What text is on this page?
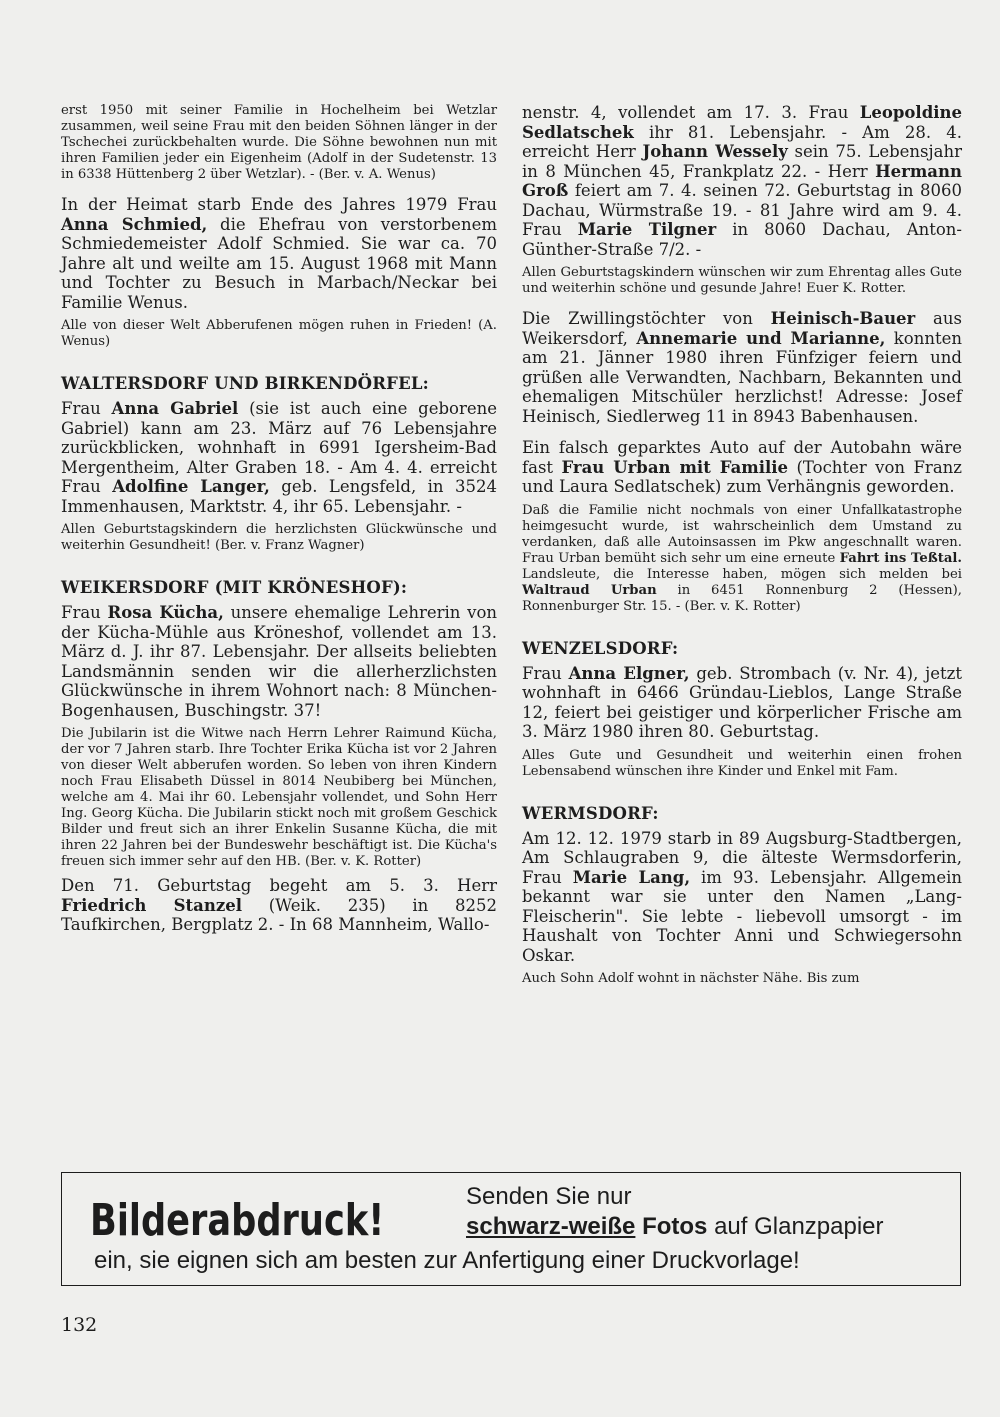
erst 1950 mit seiner Familie in Hochelheim bei Wetzlar zusammen, weil seine Frau mit den beiden Söhnen länger in der Tschechei zurückbehalten wurde. Die Söhne bewohnen nun mit ihren Familien jeder ein Eigenheim (Adolf in der Sudetenstr. 13 in 6338 Hüttenberg 2 über Wetzlar). - (Ber. v. A. Wenus)

In der Heimat starb Ende des Jahres 1979 Frau Anna Schmied, die Ehefrau von verstorbenem Schmiedemeister Adolf Schmied. Sie war ca. 70 Jahre alt und weilte am 15. August 1968 mit Mann und Tochter zu Besuch in Marbach/Neckar bei Familie Wenus.

Alle von dieser Welt Abberufenen mögen ruhen in Frieden! (A. Wenus)

WALTERSDORF UND BIRKENDÖRFEL:

Frau Anna Gabriel (sie ist auch eine geborene Gabriel) kann am 23. März auf 76 Lebensjahre zurückblicken, wohnhaft in 6991 Igersheim-Bad Mergentheim, Alter Graben 18. - Am 4. 4. erreicht Frau Adolfine Langer, geb. Lengsfeld, in 3524 Immenhausen, Marktstr. 4, ihr 65. Lebensjahr. -

Allen Geburtstagskindern die herzlichsten Glückwünsche und weiterhin Gesundheit! (Ber. v. Franz Wagner)

WEIKERSDORF (MIT KRÖNESHOF):

Frau Rosa Kücha, unsere ehemalige Lehrerin von der Kücha-Mühle aus Kröneshof, vollendet am 13. März d. J. ihr 87. Lebensjahr. Der allseits beliebten Landsmännin senden wir die allerherzlichsten Glückwünsche in ihrem Wohnort nach: 8 München-Bogenhausen, Buschingstr. 37!

Die Jubilarin ist die Witwe nach Herrn Lehrer Raimund Kücha, der vor 7 Jahren starb. Ihre Tochter Erika Kücha ist vor 2 Jahren von dieser Welt abberufen worden. So leben von ihren Kindern noch Frau Elisabeth Düssel in 8014 Neubiberg bei München, welche am 4. Mai ihr 60. Lebensjahr vollendet, und Sohn Herr Ing. Georg Kücha. Die Jubilarin stickt noch mit großem Geschick Bilder und freut sich an ihrer Enkelin Susanne Kücha, die mit ihren 22 Jahren bei der Bundeswehr beschäftigt ist. Die Kücha's freuen sich immer sehr auf den HB. (Ber. v. K. Rotter)

Den 71. Geburtstag begeht am 5. 3. Herr Friedrich Stanzel (Weik. 235) in 8252 Taufkirchen, Bergplatz 2. - In 68 Mannheim, Wallo-

nenstr. 4, vollendet am 17. 3. Frau Leopoldine Sedlatschek ihr 81. Lebensjahr. - Am 28. 4. erreicht Herr Johann Wessely sein 75. Lebensjahr in 8 München 45, Frankplatz 22. - Herr Hermann Groß feiert am 7. 4. seinen 72. Geburtstag in 8060 Dachau, Würmstraße 19. - 81 Jahre wird am 9. 4. Frau Marie Tilgner in 8060 Dachau, Anton-Günther-Straße 7/2. -

Allen Geburtstagskindern wünschen wir zum Ehrentag alles Gute und weiterhin schöne und gesunde Jahre! Euer K. Rotter.

Die Zwillingstöchter von Heinisch-Bauer aus Weikersdorf, Annemarie und Marianne, konnten am 21. Jänner 1980 ihren Fünfziger feiern und grüßen alle Verwandten, Nachbarn, Bekannten und ehemaligen Mitschüler herzlichst! Adresse: Josef Heinisch, Siedlerweg 11 in 8943 Babenhausen.

Ein falsch geparktes Auto auf der Autobahn wäre fast Frau Urban mit Familie (Tochter von Franz und Laura Sedlatschek) zum Verhängnis geworden.

Daß die Familie nicht nochmals von einer Unfallkatastrophe heimgesucht wurde, ist wahrscheinlich dem Umstand zu verdanken, daß alle Autoinsassen im Pkw angeschnallt waren. Frau Urban bemüht sich sehr um eine erneute Fahrt ins Teßtal. Landsleute, die Interesse haben, mögen sich melden bei Waltraud Urban in 6451 Ronnenburg 2 (Hessen), Ronnenburger Str. 15. - (Ber. v. K. Rotter)

WENZELSDORF:

Frau Anna Elgner, geb. Strombach (v. Nr. 4), jetzt wohnhaft in 6466 Gründau-Lieblos, Lange Straße 12, feiert bei geistiger und körperlicher Frische am 3. März 1980 ihren 80. Geburtstag.

Alles Gute und Gesundheit und weiterhin einen frohen Lebensabend wünschen ihre Kinder und Enkel mit Fam.

WERMSDORF:

Am 12. 12. 1979 starb in 89 Augsburg-Stadtbergen, Am Schlaugraben 9, die älteste Wermsdorferin, Frau Marie Lang, im 93. Lebensjahr. Allgemein bekannt war sie unter den Namen „Lang-Fleischerin". Sie lebte - liebevoll umsorgt - im Haushalt von Tochter Anni und Schwiegersohn Oskar.

Auch Sohn Adolf wohnt in nächster Nähe. Bis zum

Bilderabdruck!	Senden Sie nur
schwarz-weiße Fotos auf Glanzpapier
ein, sie eignen sich am besten zur Anfertigung einer Druckvorlage!
132
